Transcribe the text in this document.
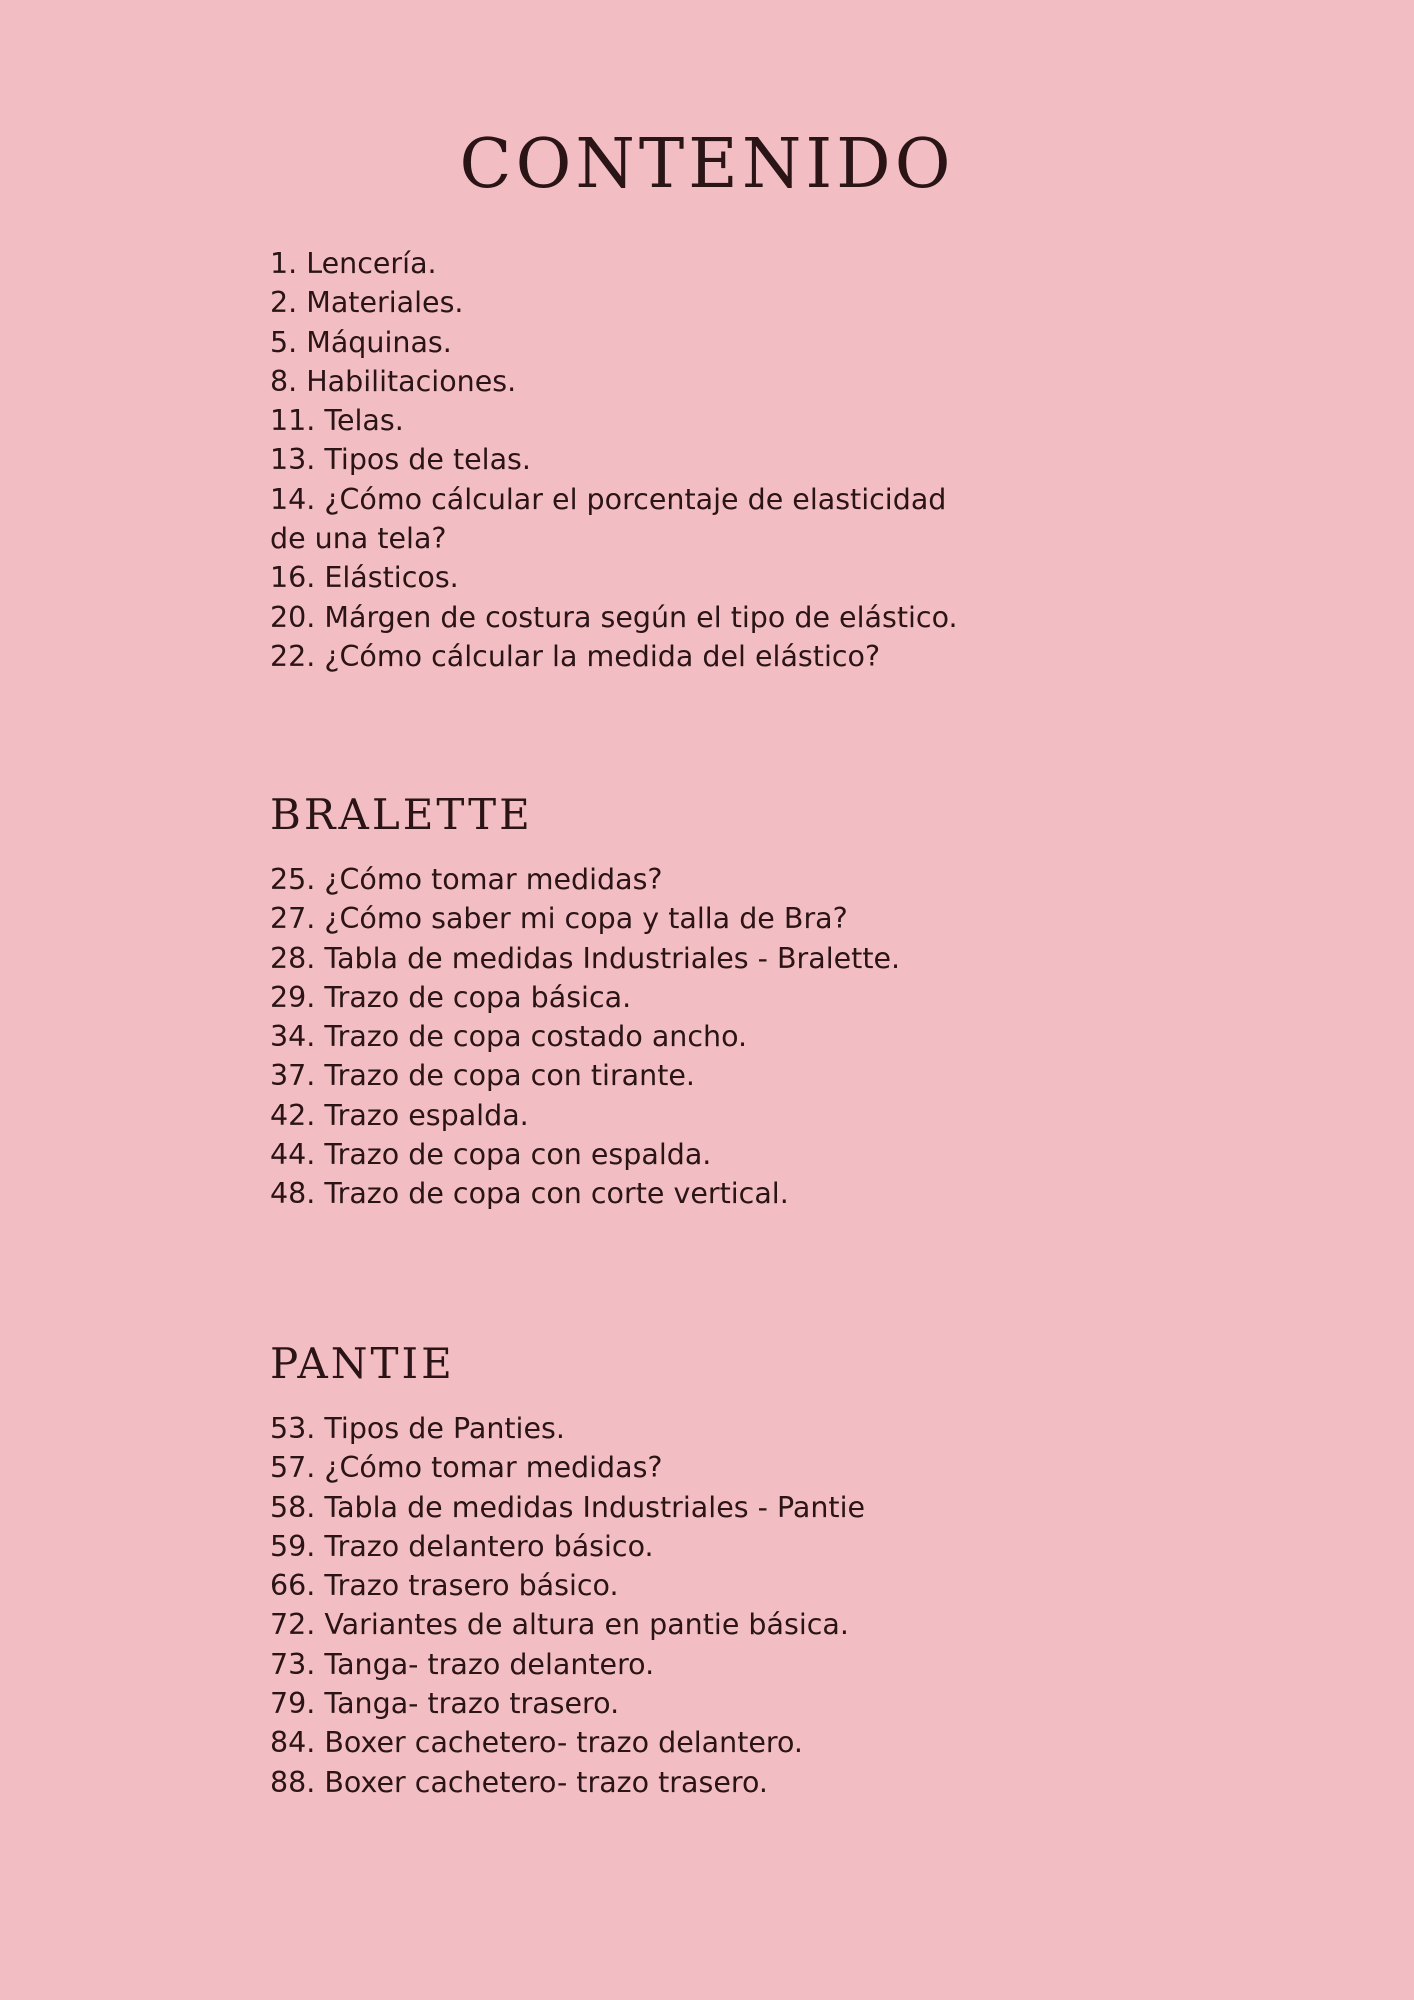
CONTENIDO
1. Lencería.
2. Materiales.
5. Máquinas.
8. Habilitaciones.
11. Telas.
13. Tipos de telas.
14. ¿Cómo cálcular el porcentaje de elasticidad de una tela?
16. Elásticos.
20. Márgen de costura según el tipo de elástico.
22. ¿Cómo cálcular la medida del elástico?
BRALETTE
25. ¿Cómo tomar medidas?
27. ¿Cómo saber mi copa y talla de Bra?
28. Tabla de medidas Industriales - Bralette.
29. Trazo de copa básica.
34. Trazo de copa costado ancho.
37. Trazo de copa con tirante.
42. Trazo espalda.
44. Trazo de copa con espalda.
48. Trazo de copa con corte vertical.
PANTIE
53. Tipos de Panties.
57. ¿Cómo tomar medidas?
58. Tabla de medidas Industriales - Pantie
59. Trazo delantero básico.
66. Trazo trasero básico.
72. Variantes de altura en pantie básica.
73. Tanga- trazo delantero.
79. Tanga- trazo trasero.
84. Boxer cachetero- trazo delantero.
88. Boxer cachetero- trazo trasero.
